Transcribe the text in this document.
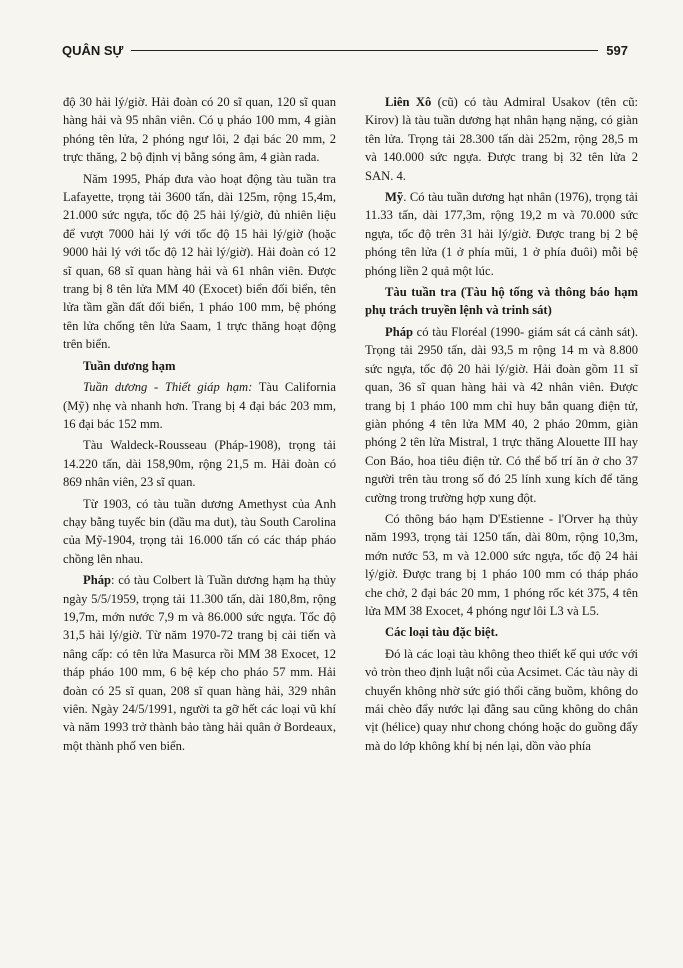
QUÂN SỰ	597

độ 30 hải lý/giờ. Hải đoàn có 20 sĩ quan, 120 sĩ quan hàng hải và 95 nhân viên. Có ụ pháo 100 mm, 4 giàn phóng tên lửa, 2 phóng ngư lôi, 2 đại bác 20 mm, 2 trực thăng, 2 bộ định vị bằng sóng âm, 4 giàn rada.

Năm 1995, Pháp đưa vào hoạt động tàu tuần tra Lafayette, trọng tải 3600 tấn, dài 125m, rộng 15,4m, 21.000 sức ngựa, tốc độ 25 hải lý/giờ, đủ nhiên liệu để vượt 7000 hải lý với tốc độ 15 hải lý/giờ (hoặc 9000 hải lý với tốc độ 12 hải lý/giờ). Hải đoàn có 12 sĩ quan, 68 sĩ quan hàng hải và 61 nhân viên. Được trang bị 8 tên lửa MM 40 (Exocet) biển đối biển, tên lửa tầm gần đất đối biển, 1 pháo 100 mm, bệ phóng tên lửa chống tên lửa Saam, 1 trực thăng hoạt động trên biển.

Tuần dương hạm

Tuần dương - Thiết giáp hạm: Tàu California (Mỹ) nhẹ và nhanh hơn. Trang bị 4 đại bác 203 mm, 16 đại bác 152 mm.

Tàu Waldeck-Rousseau (Pháp-1908), trọng tải 14.220 tấn, dài 158,90m, rộng 21,5 m. Hải đoàn có 869 nhân viên, 23 sĩ quan.

Từ 1903, có tàu tuần dương Amethyst của Anh chạy bằng tuyếc bin (dầu ma dut), tàu South Carolina của Mỹ-1904, trọng tải 16.000 tấn có các tháp pháo chồng lên nhau.

Pháp: có tàu Colbert là Tuần dương hạm hạ thủy ngày 5/5/1959, trọng tải 11.300 tấn, dài 180,8m, rộng 19,7m, mớn nước 7,9 m và 86.000 sức ngựa. Tốc độ 31,5 hải lý/giờ. Từ năm 1970-72 trang bị cải tiến và nâng cấp: có tên lửa Masurca rồi MM 38 Exocet, 12 tháp pháo 100 mm, 6 bệ kép cho pháo 57 mm. Hải đoàn có 25 sĩ quan, 208 sĩ quan hàng hải, 329 nhân viên. Ngày 24/5/1991, người ta gỡ hết các loại vũ khí và năm 1993 trở thành bảo tàng hải quân ở Bordeaux, một thành phố ven biển.

Liên Xô (cũ) có tàu Admiral Usakov (tên cũ: Kirov) là tàu tuần dương hạt nhân hạng nặng, có giàn tên lửa. Trọng tải 28.300 tấn dài 252m, rộng 28,5 m và 140.000 sức ngựa. Được trang bị 32 tên lửa 2 SAN. 4.

Mỹ. Có tàu tuần dương hạt nhân (1976), trọng tải 11.33 tấn, dài 177,3m, rộng 19,2 m và 70.000 sức ngựa, tốc độ trên 31 hải lý/giờ. Được trang bị 2 bệ phóng tên lửa (1 ở phía mũi, 1 ở phía đuôi) mỗi bệ phóng liền 2 quả một lúc.

Tàu tuần tra (Tàu hộ tống và thông báo hạm phụ trách truyền lệnh và trinh sát)

Pháp có tàu Floréal (1990- giám sát cá cảnh sát). Trọng tải 2950 tấn, dài 93,5 m rộng 14 m và 8.800 sức ngựa, tốc độ 20 hải lý/giờ. Hải đoàn gồm 11 sĩ quan, 36 sĩ quan hàng hải và 42 nhân viên. Được trang bị 1 pháo 100 mm chỉ huy bắn quang điện tử, giàn phóng 4 tên lửa MM 40, 2 pháo 20mm, giàn phóng 2 tên lửa Mistral, 1 trực thăng Alouette III hay Con Báo, hoa tiêu điện tử. Có thể bố trí ăn ở cho 37 người trên tàu trong số đó 25 lính xung kích để tăng cường trong trường hợp xung đột.

Có thông báo hạm D'Estienne - l'Orver hạ thủy năm 1993, trọng tải 1250 tấn, dài 80m, rộng 10,3m, mớn nước 53, m và 12.000 sức ngựa, tốc độ 24 hải lý/giờ. Được trang bị 1 pháo 100 mm có tháp pháo che chở, 2 đại bác 20 mm, 1 phóng rốc két 375, 4 tên lửa MM 38 Exocet, 4 phóng ngư lôi L3 và L5.

Các loại tàu đặc biệt.

Đó là các loại tàu không theo thiết kế qui ước với vỏ tròn theo định luật nổi của Acsimet. Các tàu này di chuyển không nhờ sức gió thổi căng buồm, không do mái chèo đẩy nước lại đằng sau cũng không do chân vịt (hélice) quay như chong chóng hoặc do guồng đẩy mà do lớp không khí bị nén lại, dồn vào phía
